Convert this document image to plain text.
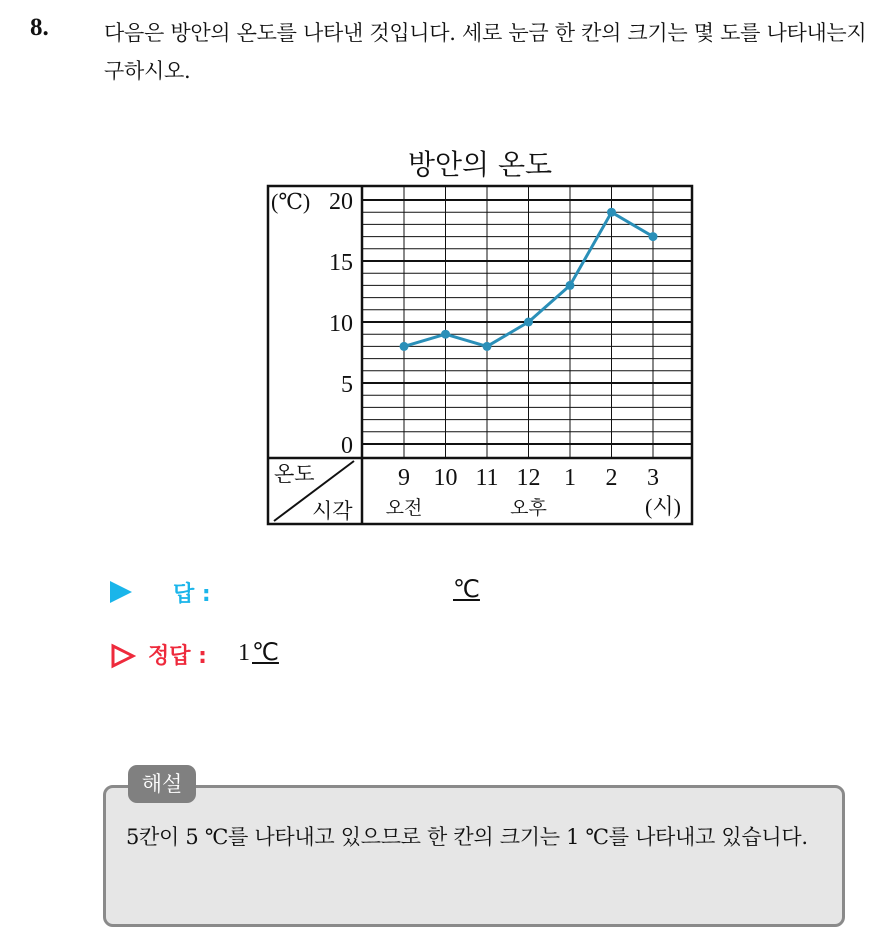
8.	다음은 방안의 온도를 나타낸 것입니다. 세로 눈금 한 칸의 크기는 몇 도를 나타내는지 구하시오.
방안의 온도
0
5
10
15
20
(℃)
온도
시각
9 10 11 12 1 2 3
오전	오후	(시)
답 :	℃
정답 : 1℃
해설
5칸이 5 ℃를 나타내고 있으므로 한 칸의 크기는 1 ℃를 나타내고 있습니다.
